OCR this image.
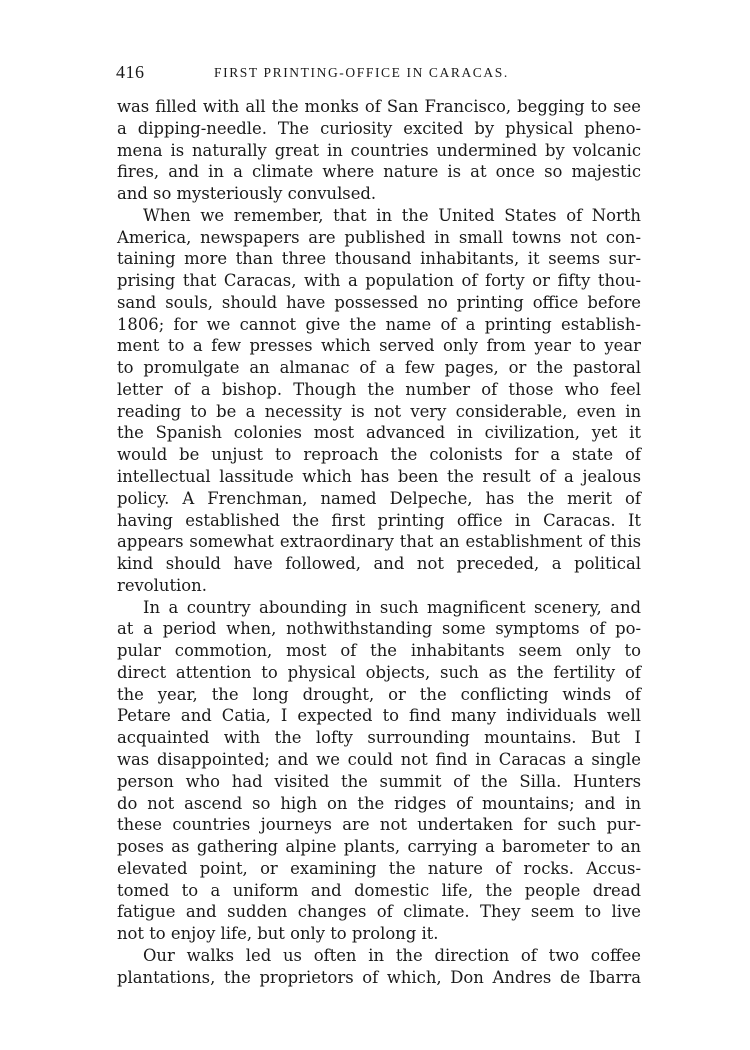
416	FIRST PRINTING-OFFICE IN CARACAS.
was filled with all the monks of San Francisco, begging to see
a dipping-needle. The curiosity excited by physical pheno-
mena is naturally great in countries undermined by volcanic
fires, and in a climate where nature is at once so majestic
and so mysteriously convulsed.
When we remember, that in the United States of North
America, newspapers are published in small towns not con-
taining more than three thousand inhabitants, it seems sur-
prising that Caracas, with a population of forty or fifty thou-
sand souls, should have possessed no printing office before
1806; for we cannot give the name of a printing establish-
ment to a few presses which served only from year to year
to promulgate an almanac of a few pages, or the pastoral
letter of a bishop. Though the number of those who feel
reading to be a necessity is not very considerable, even in
the Spanish colonies most advanced in civilization, yet it
would be unjust to reproach the colonists for a state of
intellectual lassitude which has been the result of a jealous
policy. A Frenchman, named Delpeche, has the merit of
having established the first printing office in Caracas. It
appears somewhat extraordinary that an establishment of this
kind should have followed, and not preceded, a political
revolution.
In a country abounding in such magnificent scenery, and
at a period when, nothwithstanding some symptoms of po-
pular commotion, most of the inhabitants seem only to
direct attention to physical objects, such as the fertility of
the year, the long drought, or the conflicting winds of
Petare and Catia, I expected to find many individuals well
acquainted with the lofty surrounding mountains. But I
was disappointed; and we could not find in Caracas a single
person who had visited the summit of the Silla. Hunters
do not ascend so high on the ridges of mountains; and in
these countries journeys are not undertaken for such pur-
poses as gathering alpine plants, carrying a barometer to an
elevated point, or examining the nature of rocks. Accus-
tomed to a uniform and domestic life, the people dread
fatigue and sudden changes of climate. They seem to live
not to enjoy life, but only to prolong it.
Our walks led us often in the direction of two coffee
plantations, the proprietors of which, Don Andres de Ibarra
